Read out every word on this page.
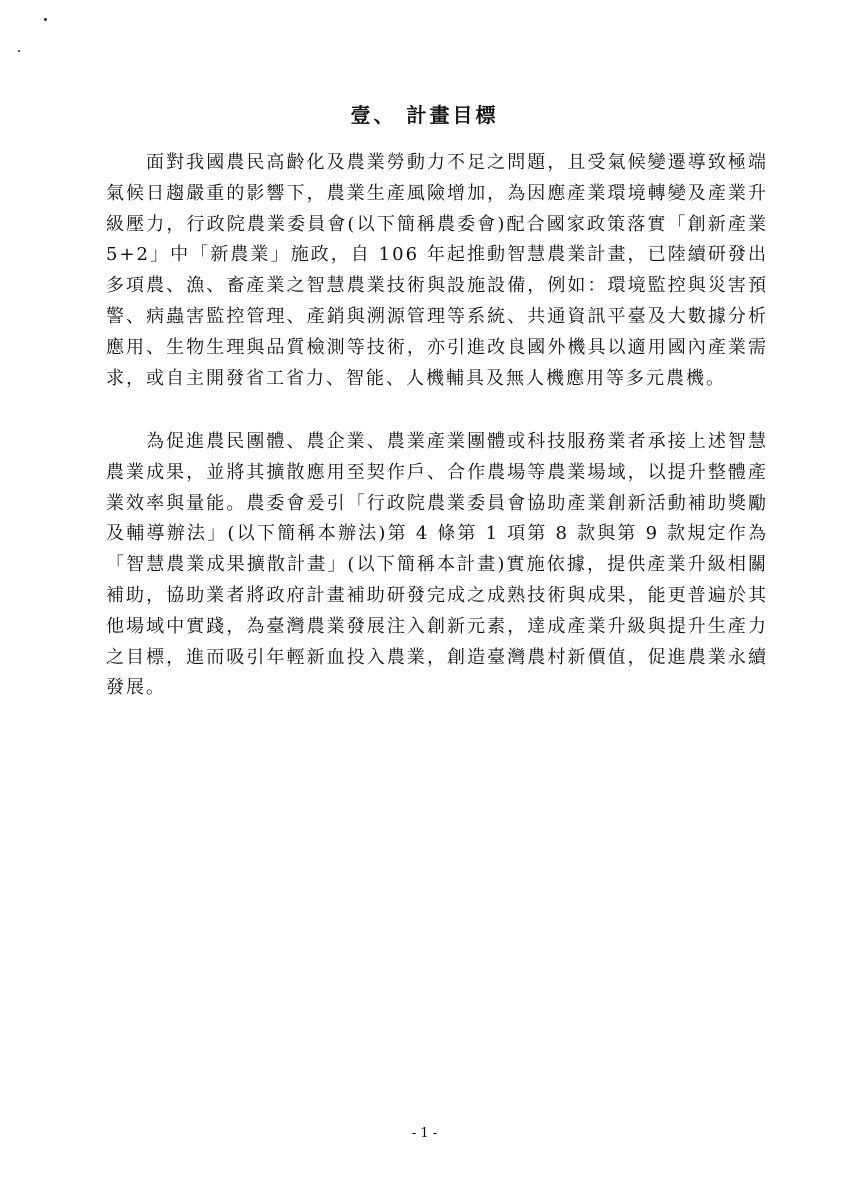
壹、 計畫目標

面對我國農民高齡化及農業勞動力不足之問題，且受氣候變遷導致極端氣候日趨嚴重的影響下，農業生產風險增加，為因應產業環境轉變及產業升級壓力，行政院農業委員會(以下簡稱農委會)配合國家政策落實「創新產業 5+2」中「新農業」施政，自 106 年起推動智慧農業計畫，已陸續研發出多項農、漁、畜產業之智慧農業技術與設施設備，例如：環境監控與災害預警、病蟲害監控管理、產銷與溯源管理等系統、共通資訊平臺及大數據分析應用、生物生理與品質檢測等技術，亦引進改良國外機具以適用國內產業需求，或自主開發省工省力、智能、人機輔具及無人機應用等多元農機。

為促進農民團體、農企業、農業產業團體或科技服務業者承接上述智慧農業成果，並將其擴散應用至契作戶、合作農場等農業場域，以提升整體產業效率與量能。農委會爰引「行政院農業委員會協助產業創新活動補助獎勵及輔導辦法」(以下簡稱本辦法)第 4 條第 1 項第 8 款與第 9 款規定作為「智慧農業成果擴散計畫」(以下簡稱本計畫)實施依據，提供產業升級相關補助，協助業者將政府計畫補助研發完成之成熟技術與成果，能更普遍於其他場域中實踐，為臺灣農業發展注入創新元素，達成產業升級與提升生產力之目標，進而吸引年輕新血投入農業，創造臺灣農村新價值，促進農業永續發展。

- 1 -
